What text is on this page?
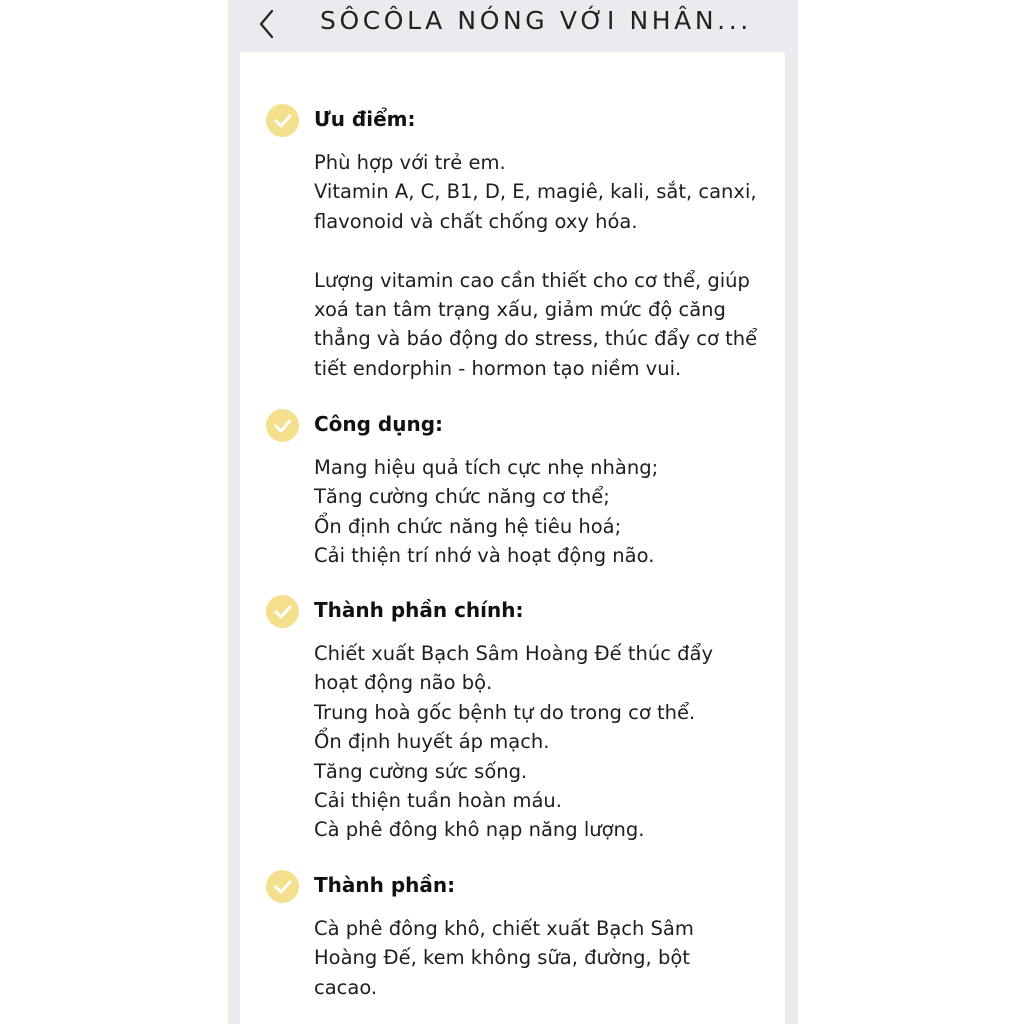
SÔCÔLA NÓNG VỚI NHÂN...
Ưu điểm:
Phù hợp với trẻ em.
Vitamin A, C, B1, D, E, magiê, kali, sắt, canxi,
flavonoid và chất chống oxy hóa.
Lượng vitamin cao cần thiết cho cơ thể, giúp
xoá tan tâm trạng xấu, giảm mức độ căng
thẳng và báo động do stress, thúc đẩy cơ thể
tiết endorphin - hormon tạo niềm vui.
Công dụng:
Mang hiệu quả tích cực nhẹ nhàng;
Tăng cường chức năng cơ thể;
Ổn định chức năng hệ tiêu hoá;
Cải thiện trí nhớ và hoạt động não.
Thành phần chính:
Chiết xuất Bạch Sâm Hoàng Đế thúc đẩy
hoạt động não bộ.
Trung hoà gốc bệnh tự do trong cơ thể.
Ổn định huyết áp mạch.
Tăng cường sức sống.
Cải thiện tuần hoàn máu.
Cà phê đông khô nạp năng lượng.
Thành phần:
Cà phê đông khô, chiết xuất Bạch Sâm
Hoàng Đế, kem không sữa, đường, bột
cacao.
